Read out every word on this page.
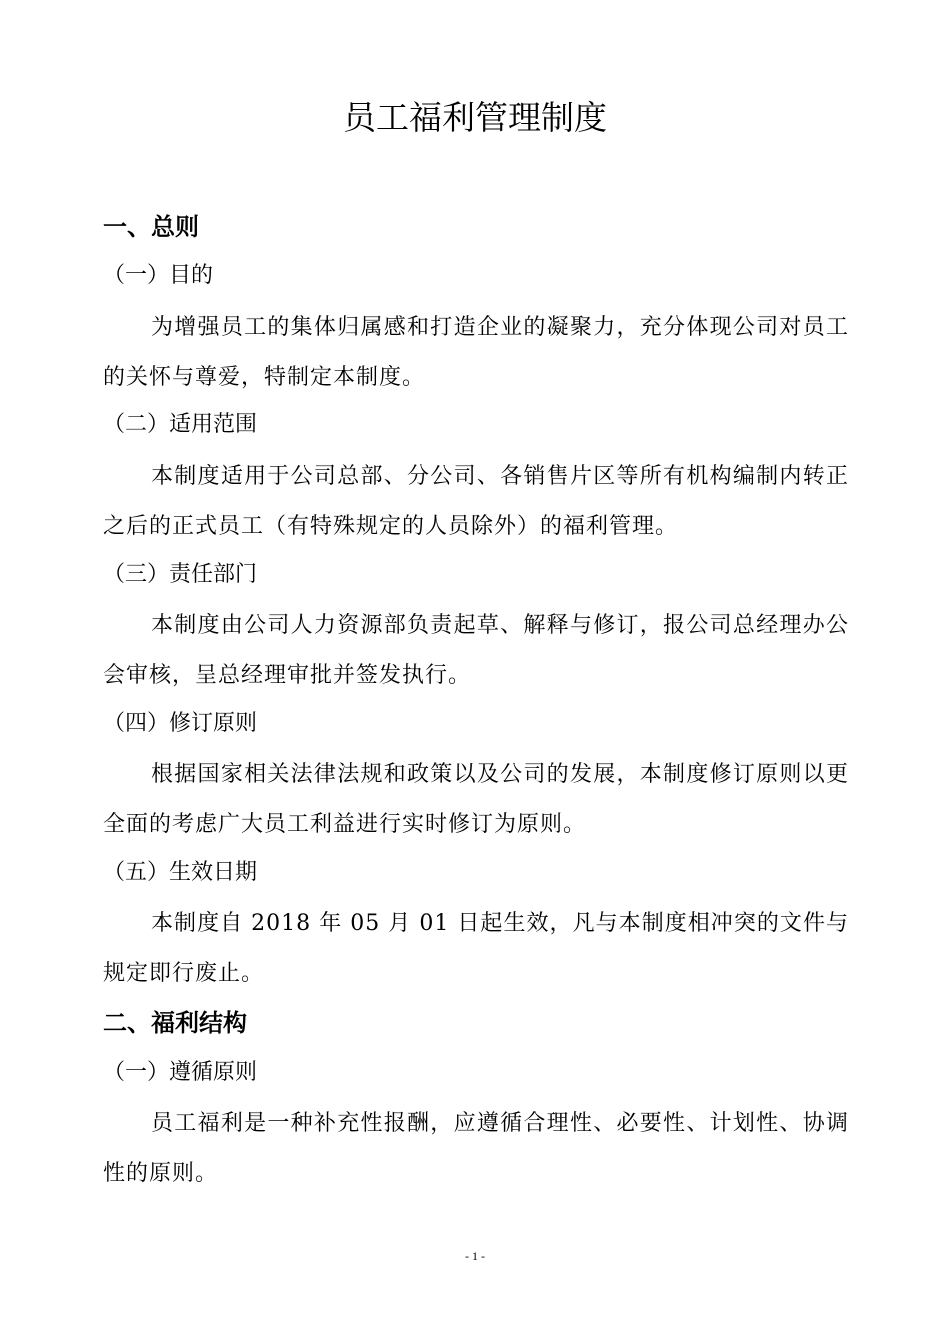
员工福利管理制度
一、总则
（一）目的
为增强员工的集体归属感和打造企业的凝聚力，充分体现公司对员工的关怀与尊爱，特制定本制度。
（二）适用范围
本制度适用于公司总部、分公司、各销售片区等所有机构编制内转正之后的正式员工（有特殊规定的人员除外）的福利管理。
（三）责任部门
本制度由公司人力资源部负责起草、解释与修订，报公司总经理办公会审核，呈总经理审批并签发执行。
（四）修订原则
根据国家相关法律法规和政策以及公司的发展，本制度修订原则以更全面的考虑广大员工利益进行实时修订为原则。
（五）生效日期
本制度自 2018 年 05 月 01 日起生效，凡与本制度相冲突的文件与规定即行废止。
二、福利结构
（一）遵循原则
员工福利是一种补充性报酬，应遵循合理性、必要性、计划性、协调性的原则。
- 1 -
